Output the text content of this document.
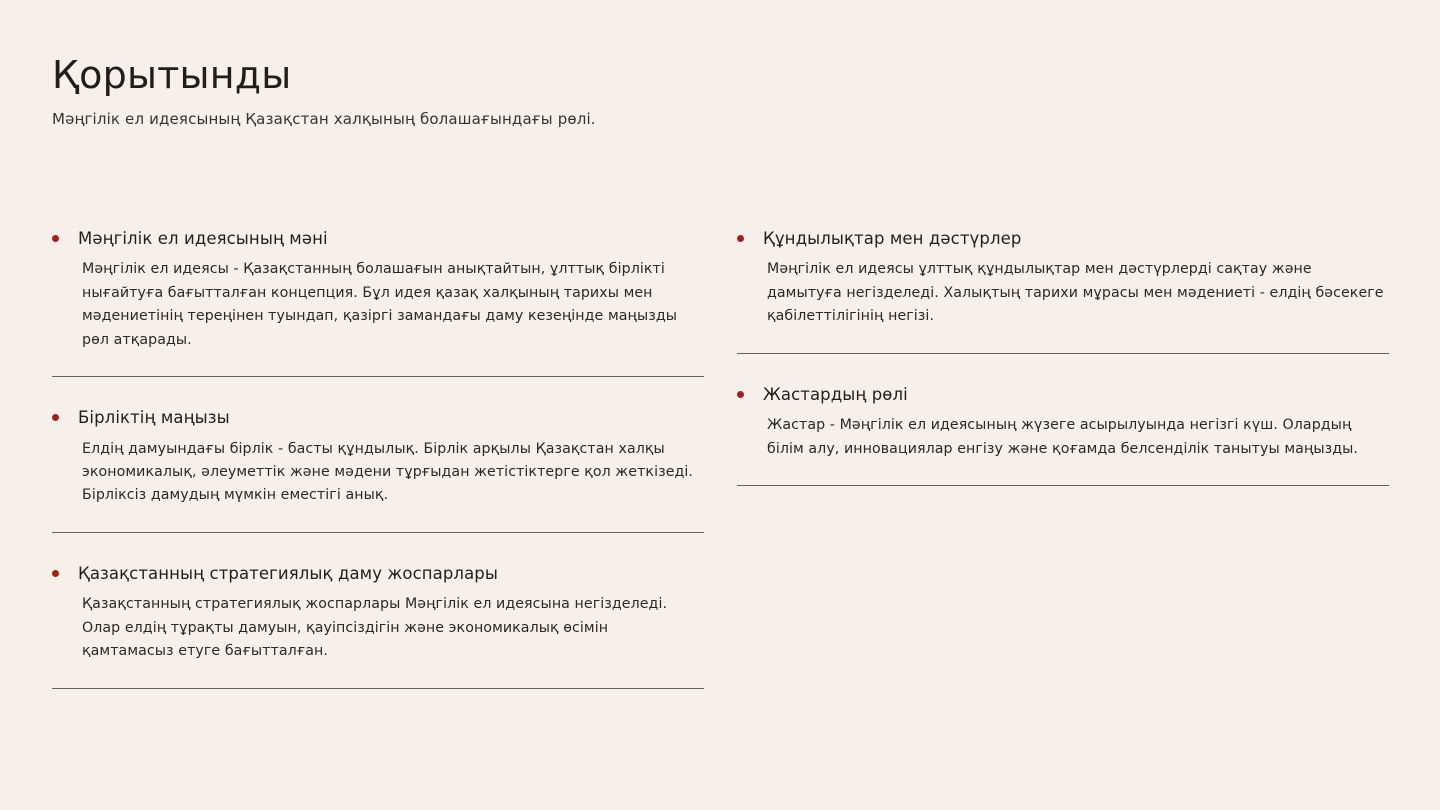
Қорытынды

Мәңгілік ел идеясының Қазақстан халқының болашағындағы рөлі.

Мәңгілік ел идеясының мәні

Мәңгілік ел идеясы - Қазақстанның болашағын анықтайтын, ұлттық бірлікті нығайтуға бағытталған концепция. Бұл идея қазақ халқының тарихы мен мәдениетінің тереңінен туындап, қазіргі замандағы даму кезеңінде маңызды рөл атқарады.

Бірліктің маңызы

Елдің дамуындағы бірлік - басты құндылық. Бірлік арқылы Қазақстан халқы экономикалық, әлеуметтік және мәдени тұрғыдан жетістіктерге қол жеткізеді. Бірліксіз дамудың мүмкін еместігі анық.

Қазақстанның стратегиялық даму жоспарлары

Қазақстанның стратегиялық жоспарлары Мәңгілік ел идеясына негізделеді. Олар елдің тұрақты дамуын, қауіпсіздігін және экономикалық өсімін қамтамасыз етуге бағытталған.

Құндылықтар мен дәстүрлер

Мәңгілік ел идеясы ұлттық құндылықтар мен дәстүрлерді сақтау және дамытуға негізделеді. Халықтың тарихи мұрасы мен мәдениеті - елдің бәсекеге қабілеттілігінің негізі.

Жастардың рөлі

Жастар - Мәңгілік ел идеясының жүзеге асырылуында негізгі күш. Олардың білім алу, инновациялар енгізу және қоғамда белсенділік танытуы маңызды.
